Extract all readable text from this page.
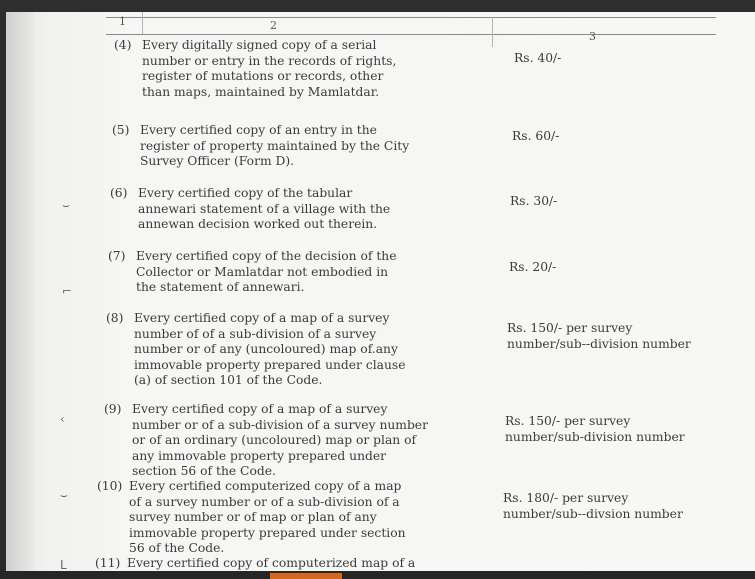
1	2
3
(4) Every digitally signed copy of a serial number or entry in the records of rights, register of mutations or records, other than maps, maintained by Mamlatdar.
Rs. 40/-
(5) Every certified copy of an entry in the register of property maintained by the City Survey Officer (Form D).
Rs. 60/-
(6) Every certified copy of the tabular annewari statement of a village with the annewan decision worked out therein.
Rs. 30/-
(7) Every certified copy of the decision of the Collector or Mamlatdar not embodied in the statement of annewari.
Rs. 20/-
(8) Every certified copy of a map of a survey number of of a sub-division of a survey number or of any (uncoloured) map of.any immovable property prepared under clause (a) of section 101 of the Code.
Rs. 150/- per survey number/sub--division number
(9) Every certified copy of a map of a survey number or of a sub-division of a survey number or of an ordinary (uncoloured) map or plan of any immovable property prepared under section 56 of the Code.
Rs. 150/- per survey number/sub-division number
(10) Every certified computerized copy of a map of a survey number or of a sub-division of a survey number or of map or plan of any immovable property prepared under section 56 of the Code.
Rs. 180/- per survey number/sub--divsion number
(11) Every certified copy of computerized map of a
⌣
⌐
‹
⌣
ᒪ
